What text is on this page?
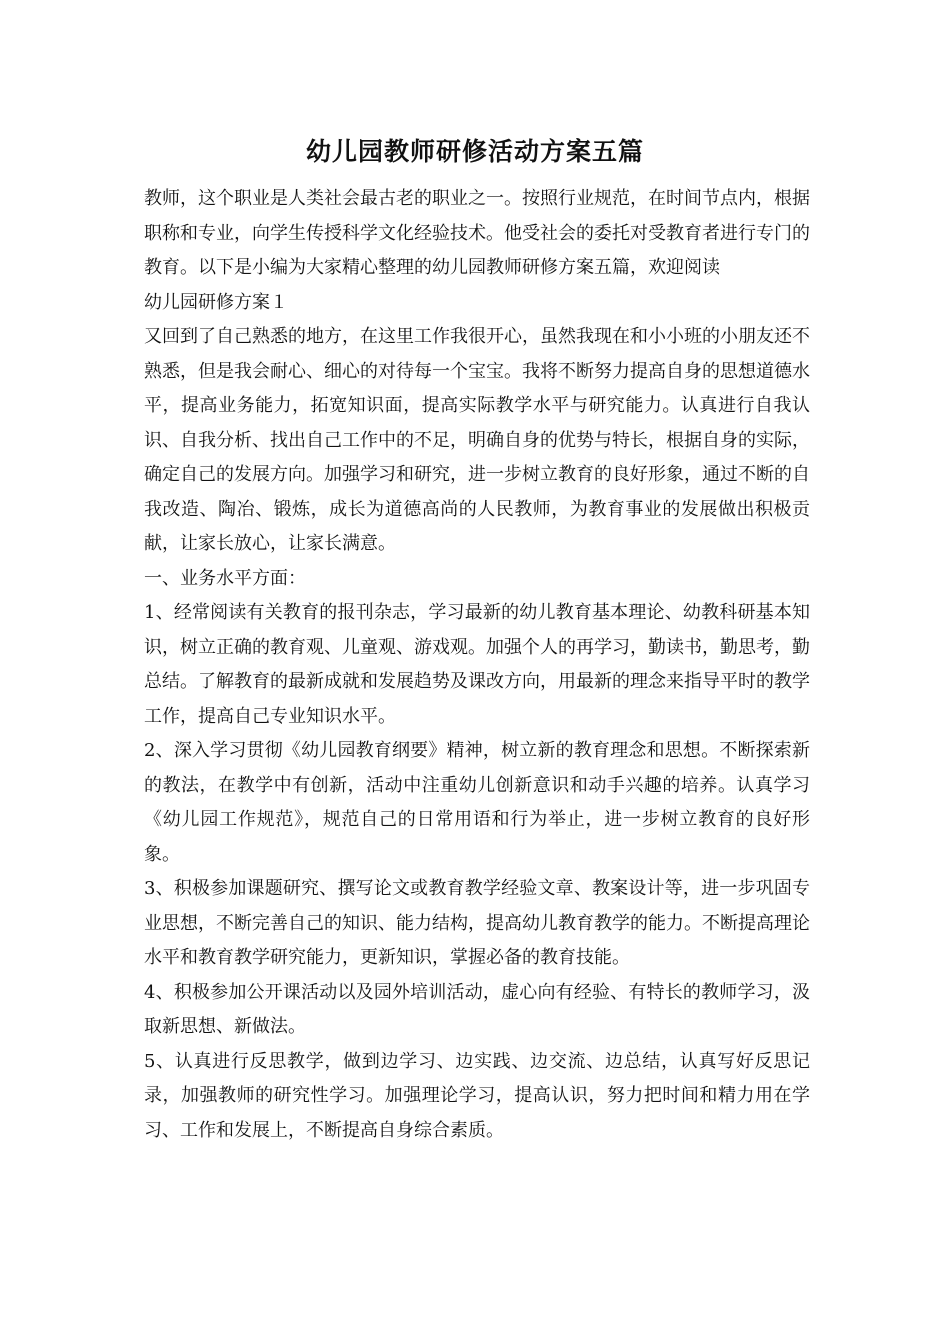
幼儿园教师研修活动方案五篇

教师，这个职业是人类社会最古老的职业之一。按照行业规范，在时间节点内，根据职称和专业，向学生传授科学文化经验技术。他受社会的委托对受教育者进行专门的教育。以下是小编为大家精心整理的幼儿园教师研修方案五篇，欢迎阅读

幼儿园研修方案１

又回到了自己熟悉的地方，在这里工作我很开心，虽然我现在和小小班的小朋友还不熟悉，但是我会耐心、细心的对待每一个宝宝。我将不断努力提高自身的思想道德水平，提高业务能力，拓宽知识面，提高实际教学水平与研究能力。认真进行自我认识、自我分析、找出自己工作中的不足，明确自身的优势与特长，根据自身的实际，确定自己的发展方向。加强学习和研究，进一步树立教育的良好形象，通过不断的自我改造、陶冶、锻炼，成长为道德高尚的人民教师，为教育事业的发展做出积极贡献，让家长放心，让家长满意。

一、业务水平方面：

1、经常阅读有关教育的报刊杂志，学习最新的幼儿教育基本理论、幼教科研基本知识，树立正确的教育观、儿童观、游戏观。加强个人的再学习，勤读书，勤思考，勤总结。了解教育的最新成就和发展趋势及课改方向，用最新的理念来指导平时的教学工作，提高自己专业知识水平。

2、深入学习贯彻《幼儿园教育纲要》精神，树立新的教育理念和思想。不断探索新的教法，在教学中有创新，活动中注重幼儿创新意识和动手兴趣的培养。认真学习《幼儿园工作规范》，规范自己的日常用语和行为举止，进一步树立教育的良好形象。

3、积极参加课题研究、撰写论文或教育教学经验文章、教案设计等，进一步巩固专业思想，不断完善自己的知识、能力结构，提高幼儿教育教学的能力。不断提高理论水平和教育教学研究能力，更新知识，掌握必备的教育技能。

4、积极参加公开课活动以及园外培训活动，虚心向有经验、有特长的教师学习，汲取新思想、新做法。

5、认真进行反思教学，做到边学习、边实践、边交流、边总结，认真写好反思记录，加强教师的研究性学习。加强理论学习，提高认识，努力把时间和精力用在学习、工作和发展上，不断提高自身综合素质。
